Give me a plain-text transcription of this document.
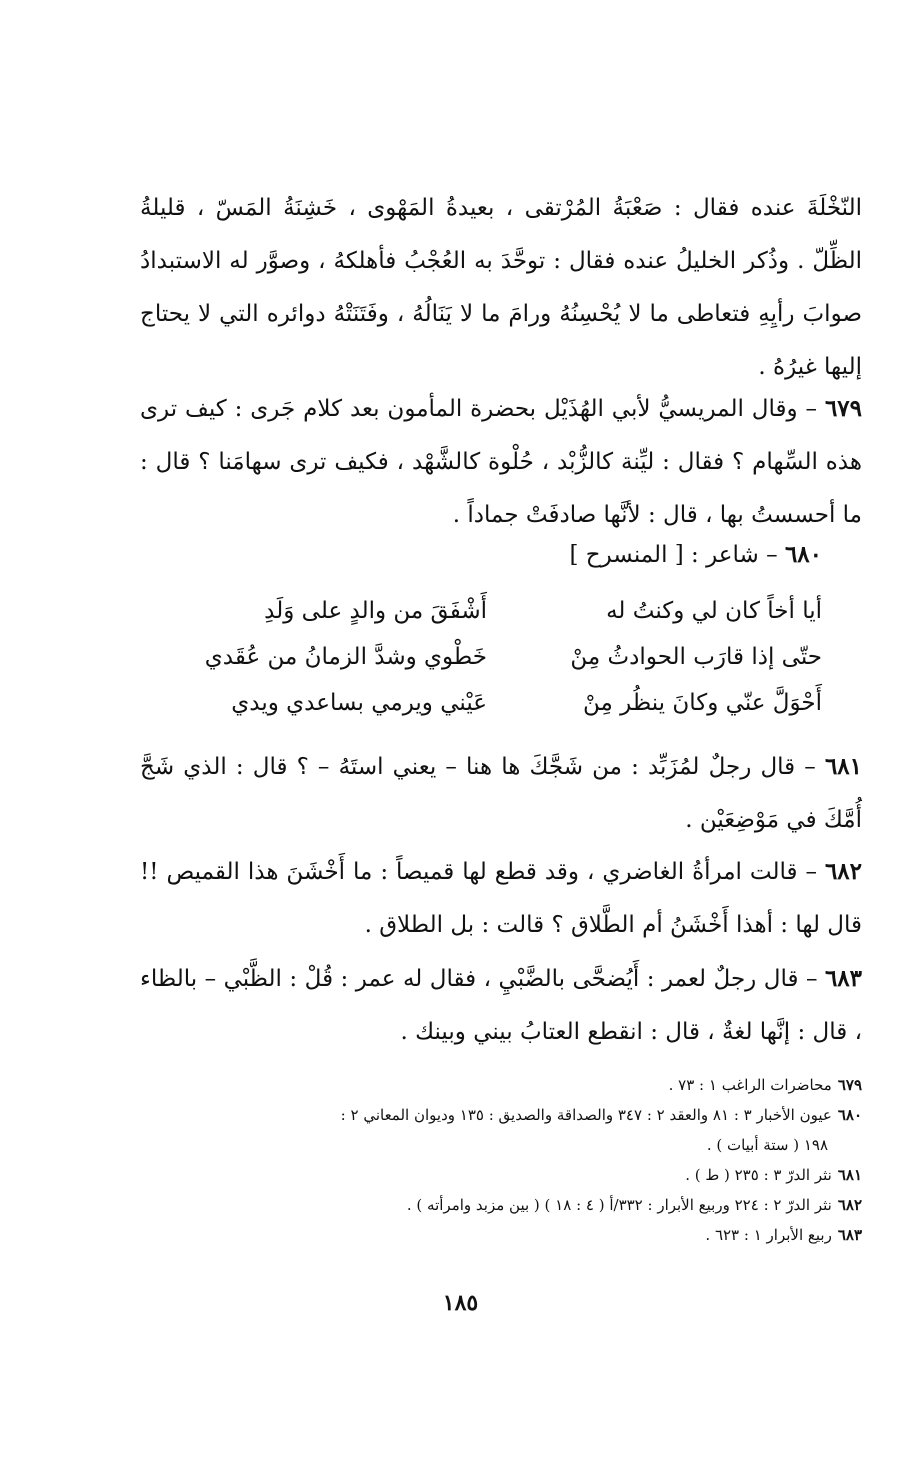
النّخْلَةَ عنده فقال : صَعْبَةُ المُرْتقى ، بعيدةُ المَهْوى ، خَشِنَةُ المَسّ ، قليلةُ الظِّلّ . وذُكر الخليلُ عنده فقال : توحَّدَ به العُجْبُ فأهلكهُ ، وصوَّر له الاستبدادُ صوابَ رأيِهِ فتعاطى ما لا يُحْسِنُهُ ورامَ ما لا يَنَالُهُ ، وفَتَنَتْهُ دوائره التي لا يحتاج إليها غيرُهُ .

٦٧٩ – وقال المريسيُّ لأبي الهُذَيْل بحضرة المأمون بعد كلام جَرى : كيف ترى هذه السِّهام ؟ فقال : ليِّنة كالزُّبْد ، حُلْوة كالشَّهْد ، فكيف ترى سهامَنا ؟ قال : ما أحسستُ بها ، قال : لأنَّها صادفَتْ جماداً .

٦٨٠ – شاعر : [ المنسرح ]

أيا أخاً كان لي وكنتُ له
أَشْفَقَ من والدٍ على وَلَدِ
حتّى إذا قارَب الحوادثُ مِنْ
خَطْوي وشدَّ الزمانُ من عُقَدي
أَحْوَلَّ عنّي وكانَ ينظُر مِنْ
عَيْني ويرمي بساعدي ويدي

٦٨١ – قال رجلٌ لمُزَبِّد : من شَجَّكَ ها هنا – يعني استَهُ – ؟ قال : الذي شَجَّ أُمَّكَ في مَوْضِعَيْن .

٦٨٢ – قالت امرأةُ الغاضري ، وقد قطع لها قميصاً : ما أَخْشَنَ هذا القميص !! قال لها : أهذا أَخْشَنُ أم الطَّلاق ؟ قالت : بل الطلاق .

٦٨٣ – قال رجلٌ لعمر : أَيُضحَّى بالضَّبْيِ ، فقال له عمر : قُلْ : الظَّبْي – بالظاء ، قال : إنَّها لغةٌ ، قال : انقطع العتابُ بيني وبينك .

٦٧٩محاضرات الراغب ١ : ٧٣ .

٦٨٠عيون الأخبار ٣ : ٨١ والعقد ٢ : ٣٤٧ والصداقة والصديق : ١٣٥ وديوان المعاني ٢ :

١٩٨ ( ستة أبيات ) .

٦٨١نثر الدرّ ٣ : ٢٣٥ ( ط ) .

٦٨٢نثر الدرّ ٢ : ٢٢٤ وربيع الأبرار : ٣٣٢/أ ( ٤ : ١٨ ) ( بين مزبد وامرأته ) .

٦٨٣ربيع الأبرار ١ : ٦٢٣ .

١٨٥
